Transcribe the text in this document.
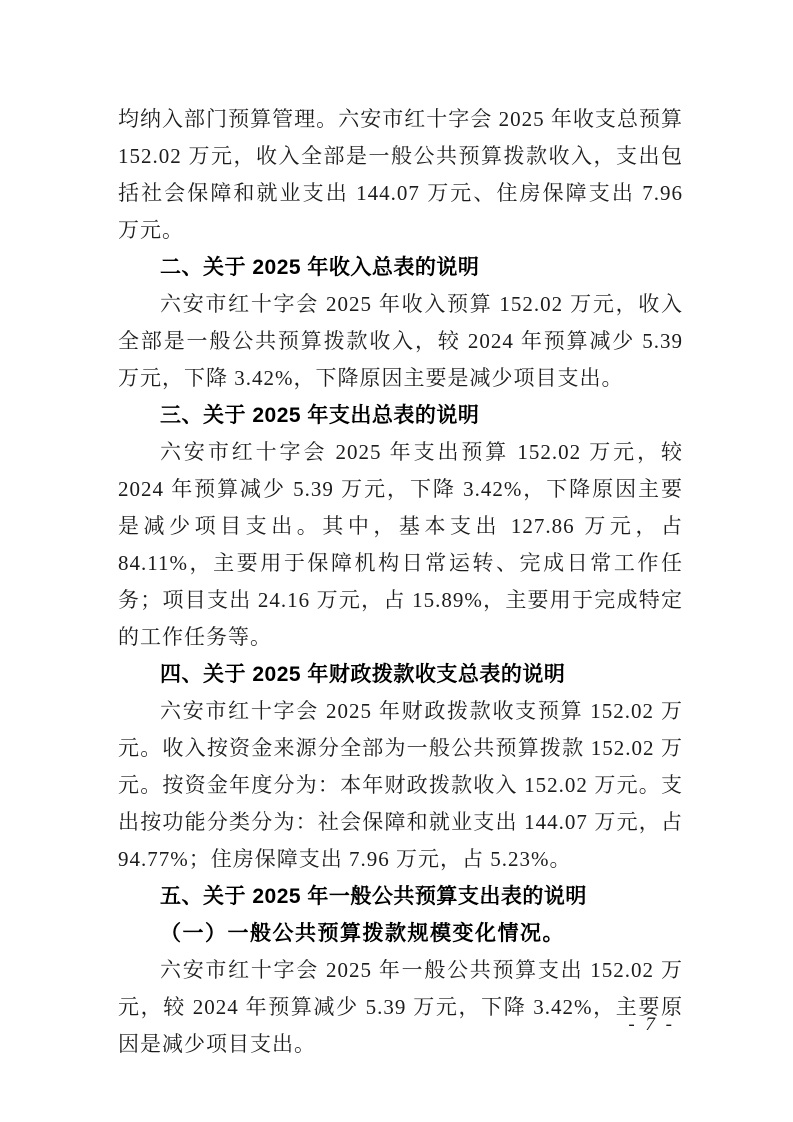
均纳入部门预算管理。六安市红十字会 2025 年收支总预算 152.02 万元，收入全部是一般公共预算拨款收入，支出包括社会保障和就业支出 144.07 万元、住房保障支出 7.96 万元。

二、关于 2025 年收入总表的说明

六安市红十字会 2025 年收入预算 152.02 万元，收入全部是一般公共预算拨款收入，较 2024 年预算减少 5.39 万元，下降 3.42%，下降原因主要是减少项目支出。

三、关于 2025 年支出总表的说明

六安市红十字会 2025 年支出预算 152.02 万元，较 2024 年预算减少 5.39 万元，下降 3.42%，下降原因主要是减少项目支出。其中，基本支出 127.86 万元，占 84.11%，主要用于保障机构日常运转、完成日常工作任务；项目支出 24.16 万元，占 15.89%，主要用于完成特定的工作任务等。

四、关于 2025 年财政拨款收支总表的说明

六安市红十字会 2025 年财政拨款收支预算 152.02 万元。收入按资金来源分全部为一般公共预算拨款 152.02 万元。按资金年度分为：本年财政拨款收入 152.02 万元。支出按功能分类分为：社会保障和就业支出 144.07 万元，占 94.77%；住房保障支出 7.96 万元，占 5.23%。

五、关于 2025 年一般公共预算支出表的说明

（一）一般公共预算拨款规模变化情况。

六安市红十字会 2025 年一般公共预算支出 152.02 万元，较 2024 年预算减少 5.39 万元，下降 3.42%，主要原因是减少项目支出。

- 7 -
